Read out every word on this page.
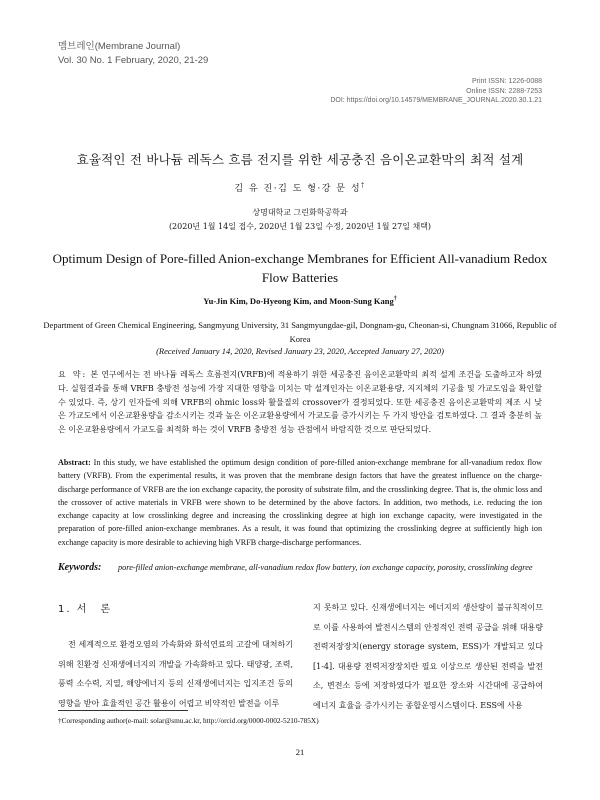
멤브레인(Membrane Journal)
Vol. 30 No. 1 February, 2020, 21-29
Print ISSN: 1226-0088
Online ISSN: 2288-7253
DOI: https://doi.org/10.14579/MEMBRANE_JOURNAL.2020.30.1.21
효율적인 전 바나듐 레독스 흐름 전지를 위한 세공충진 음이온교환막의 최적 설계
김 유 진·김 도 형·강 문 성†
상명대학교 그린화학공학과
(2020년 1월 14일 접수, 2020년 1월 23일 수정, 2020년 1월 27일 채택)
Optimum Design of Pore-filled Anion-exchange Membranes for Efficient All-vanadium Redox Flow Batteries
Yu-Jin Kim, Do-Hyeong Kim, and Moon-Sung Kang†
Department of Green Chemical Engineering, Sangmyung University, 31 Sangmyungdae-gil, Dongnam-gu, Cheonan-si, Chungnam 31066, Republic of Korea
(Received January 14, 2020, Revised January 23, 2020, Accepted January 27, 2020)
요 약: 본 연구에서는 전 바나듐 레독스 흐름전지(VRFB)에 적용하기 위한 세공충진 음이온교환막의 최적 설계 조건을 도출하고자 하였다. 실험결과를 통해 VRFB 충방전 성능에 가장 지대한 영향을 미치는 막 설계인자는 이온교환용량, 지지체의 기공율 및 가교도임을 확인할 수 있었다. 즉, 상기 인자들에 의해 VRFB의 ohmic loss와 활물질의 crossover가 결정되었다. 또한 세공충진 음이온교환막의 제조 시 낮은 가교도에서 이온교환용량을 감소시키는 것과 높은 이온교환용량에서 가교도를 증가시키는 두 가지 방안을 검토하였다. 그 결과 충분히 높은 이온교환용량에서 가교도를 최적화 하는 것이 VRFB 충방전 성능 관점에서 바람직한 것으로 판단되었다.
Abstract: In this study, we have established the optimum design condition of pore-filled anion-exchange membrane for all-vanadium redox flow battery (VRFB). From the experimental results, it was proven that the membrane design factors that have the greatest influence on the charge-discharge performance of VRFB are the ion exchange capacity, the porosity of substrate film, and the crosslinking degree. That is, the ohmic loss and the crossover of active materials in VRFB were shown to be determined by the above factors. In addition, two methods, i.e. reducing the ion exchange capacity at low crosslinking degree and increasing the crosslinking degree at high ion exchange capacity, were investigated in the preparation of pore-filled anion-exchange membranes. As a result, it was found that optimizing the crosslinking degree at sufficiently high ion exchange capacity is more desirable to achieving high VRFB charge-discharge performances.
Keywords: pore-filled anion-exchange membrane, all-vanadium redox flow battery, ion exchange capacity, porosity, crosslinking degree
1. 서　론
전 세계적으로 환경오염의 가속화와 화석연료의 고갈에 대처하기 위해 친환경 신재생에너지의 개발을 가속화하고 있다. 태양광, 조력, 풍력 소수력, 지열, 해양에너지 등의 신재생에너지는 입지조건 등의 영향을 받아 효율적인 공간 활용이 어렵고 비약적인 발전을 이루
지 못하고 있다. 신재생에너지는 에너지의 생산량이 불규칙적이므로 이를 사용하여 발전시스템의 안정적인 전력 공급을 위해 대용량 전력저장장치(energy storage system, ESS)가 개발되고 있다[1-4]. 대용량 전력저장장치란 필요 이상으로 생산된 전력을 발전소, 변전소 등에 저장하였다가 필요한 장소와 시간대에 공급하여 에너지 효율을 증가시키는 종합운영시스템이다. ESS에 사용
†Corresponding author(e-mail: solar@smu.ac.kr, http://orcid.org/0000-0002-5210-785X)
21
